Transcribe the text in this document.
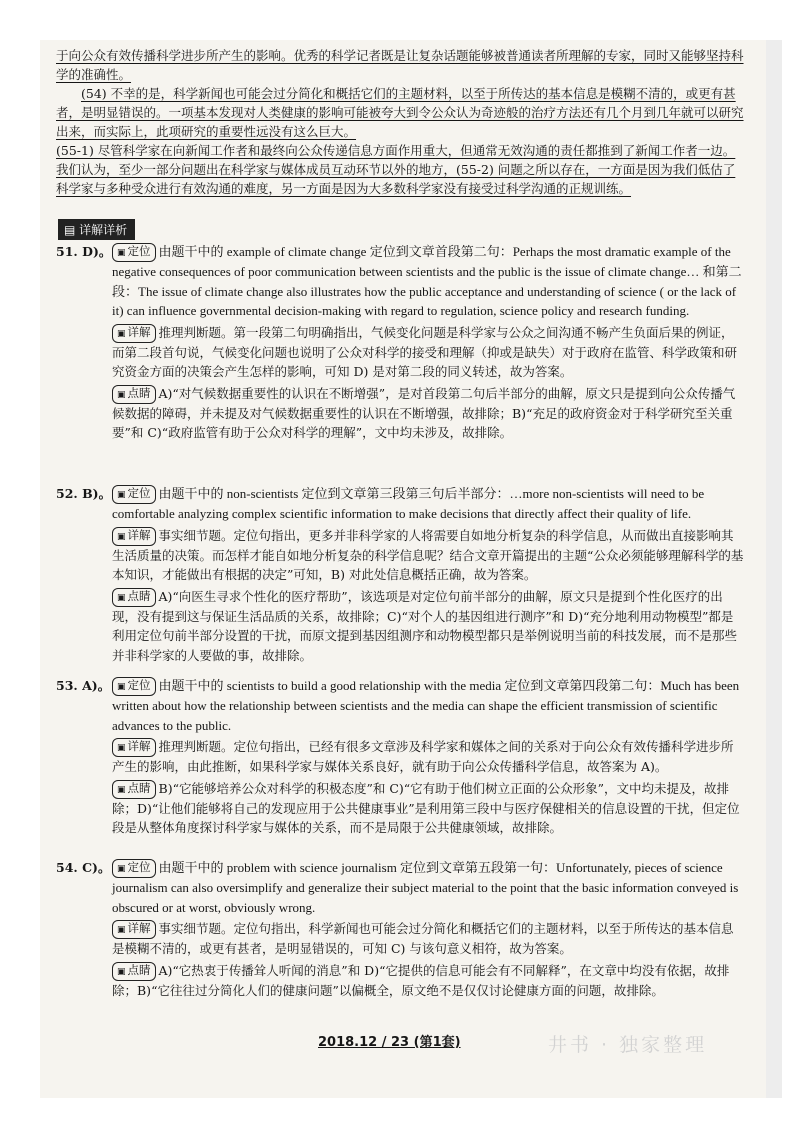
于向公众有效传播科学进步所产生的影响。优秀的科学记者既是让复杂话题能够被普通读者所理解的专家，同时又能够坚持科学的准确性。

(54) 不幸的是，科学新闻也可能会过分简化和概括它们的主题材料，以至于所传达的基本信息是模糊不清的，或更有甚者，是明显错误的。一项基本发现对人类健康的影响可能被夸大到令公众认为奇迹般的治疗方法还有几个月到几年就可以研究出来，而实际上，此项研究的重要性远没有这么巨大。

(55-1) 尽管科学家在向新闻工作者和最终向公众传递信息方面作用重大，但通常无效沟通的责任都推到了新闻工作者一边。我们认为，至少一部分问题出在科学家与媒体成员互动环节以外的地方，(55-2) 问题之所以存在，一方面是因为我们低估了科学家与多种受众进行有效沟通的难度，另一方面是因为大多数科学家没有接受过科学沟通的正规训练。

▤ 详解详析
51. D)。 ▣ 定位 由题干中的 example of climate change 定位到文章首段第二句：Perhaps the most dramatic example of the negative consequences of poor communication between scientists and the public is the issue of climate change… 和第二段：The issue of climate change also illustrates how the public acceptance and understanding of science ( or the lack of it) can influence governmental decision-making with regard to regulation, science policy and research funding.
▣ 详解 推理判断题。第一段第二句明确指出，气候变化问题是科学家与公众之间沟通不畅产生负面后果的例证，而第二段首句说，气候变化问题也说明了公众对科学的接受和理解（抑或是缺失）对于政府在监管、科学政策和研究资金方面的决策会产生怎样的影响，可知 D) 是对第二段的同义转述，故为答案。
▣ 点睛 A)“对气候数据重要性的认识在不断增强”，是对首段第二句后半部分的曲解，原文只是提到向公众传播气候数据的障碍，并未提及对气候数据重要性的认识在不断增强，故排除；B)“充足的政府资金对于科学研究至关重要”和 C)“政府监管有助于公众对科学的理解”，文中均未涉及，故排除。
52. B)。 ▣ 定位 由题干中的 non-scientists 定位到文章第三段第三句后半部分：…more non-scientists will need to be comfortable analyzing complex scientific information to make decisions that directly affect their quality of life.
▣ 详解 事实细节题。定位句指出，更多并非科学家的人将需要自如地分析复杂的科学信息，从而做出直接影响其生活质量的决策。而怎样才能自如地分析复杂的科学信息呢？结合文章开篇提出的主题“公众必须能够理解科学的基本知识，才能做出有根据的决定”可知，B) 对此处信息概括正确，故为答案。
▣ 点睛 A)“向医生寻求个性化的医疗帮助”，该选项是对定位句前半部分的曲解，原文只是提到个性化医疗的出现，没有提到这与保证生活品质的关系，故排除；C)“对个人的基因组进行测序”和 D)“充分地利用动物模型”都是利用定位句前半部分设置的干扰，而原文提到基因组测序和动物模型都只是举例说明当前的科技发展，而不是那些并非科学家的人要做的事，故排除。
53. A)。 ▣ 定位 由题干中的 scientists to build a good relationship with the media 定位到文章第四段第二句：Much has been written about how the relationship between scientists and the media can shape the efficient transmission of scientific advances to the public.
▣ 详解 推理判断题。定位句指出，已经有很多文章涉及科学家和媒体之间的关系对于向公众有效传播科学进步所产生的影响，由此推断，如果科学家与媒体关系良好，就有助于向公众传播科学信息，故答案为 A)。
▣ 点睛 B)“它能够培养公众对科学的积极态度”和 C)“它有助于他们树立正面的公众形象”，文中均未提及，故排除；D)“让他们能够将自己的发现应用于公共健康事业”是利用第三段中与医疗保健相关的信息设置的干扰，但定位段是从整体角度探讨科学家与媒体的关系，而不是局限于公共健康领域，故排除。
54. C)。 ▣ 定位 由题干中的 problem with science journalism 定位到文章第五段第一句：Unfortunately, pieces of science journalism can also oversimplify and generalize their subject material to the point that the basic information conveyed is obscured or at worst, obviously wrong.
▣ 详解 事实细节题。定位句指出，科学新闻也可能会过分简化和概括它们的主题材料，以至于所传达的基本信息是模糊不清的，或更有甚者，是明显错误的，可知 C) 与该句意义相符，故为答案。
▣ 点睛 A)“它热衷于传播耸人听闻的消息”和 D)“它提供的信息可能会有不同解释”，在文章中均没有依据，故排除；B)“它往往过分简化人们的健康问题”以偏概全，原文绝不是仅仅讨论健康方面的问题，故排除。
2018.12 / 23 (第1套)	井书 · 独家整理
